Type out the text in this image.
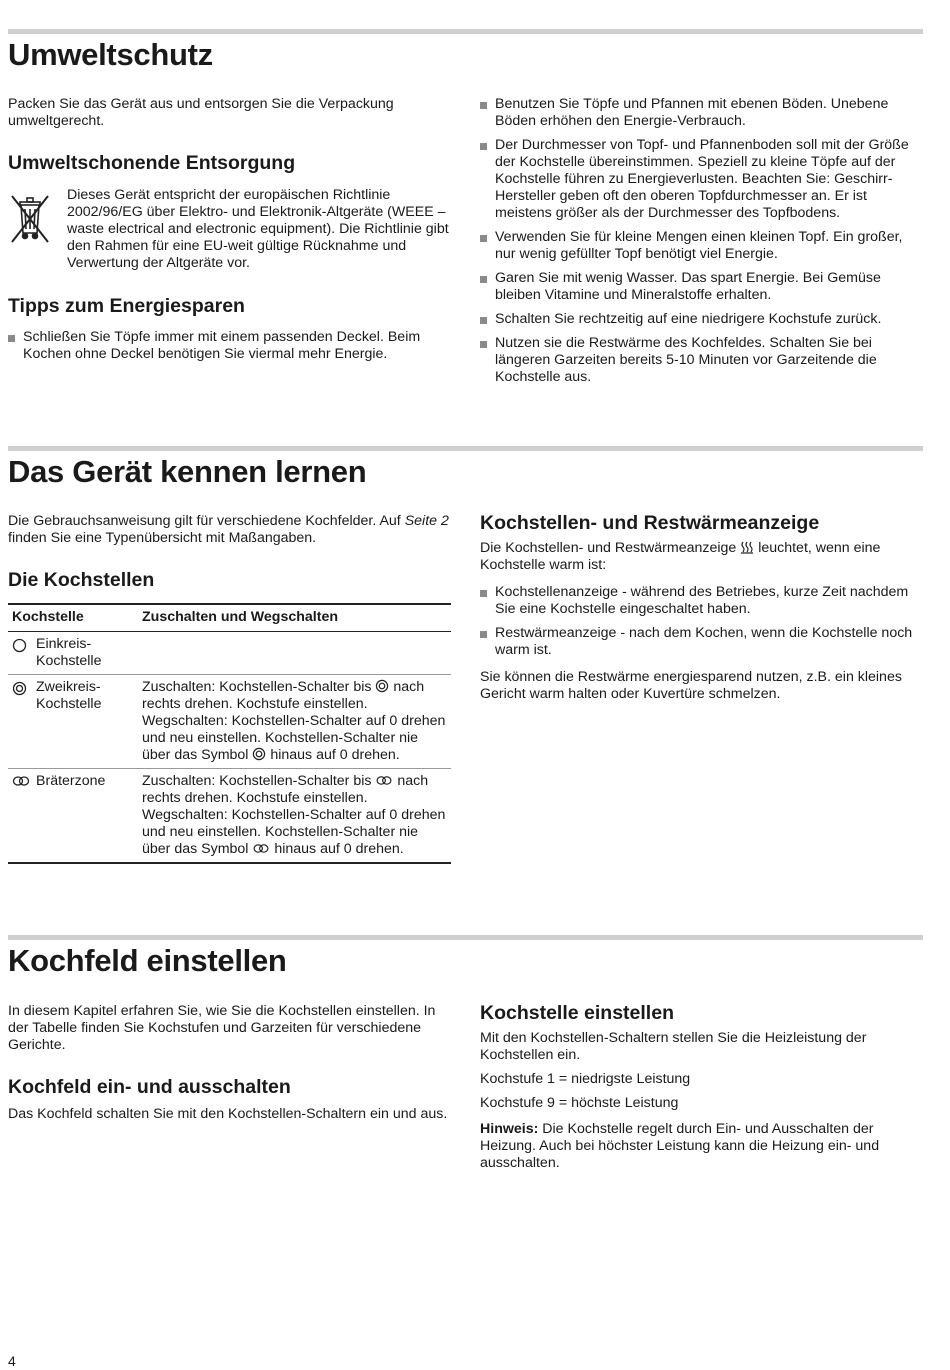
Umweltschutz

Packen Sie das Gerät aus und entsorgen Sie die Verpackung umweltgerecht.

Umweltschonende Entsorgung

Dieses Gerät entspricht der europäischen Richtlinie 2002/96/EG über Elektro- und Elektronik-Altgeräte (WEEE – waste electrical and electronic equipment). Die Richtlinie gibt den Rahmen für eine EU-weit gültige Rücknahme und Verwertung der Altgeräte vor.

Tipps zum Energiesparen
Schließen Sie Töpfe immer mit einem passenden Deckel. Beim Kochen ohne Deckel benötigen Sie viermal mehr Energie.
Benutzen Sie Töpfe und Pfannen mit ebenen Böden. Unebene Böden erhöhen den Energie-Verbrauch.
Der Durchmesser von Topf- und Pfannenboden soll mit der Größe der Kochstelle übereinstimmen. Speziell zu kleine Töpfe auf der Kochstelle führen zu Energieverlusten. Beachten Sie: Geschirr-Hersteller geben oft den oberen Topfdurchmesser an. Er ist meistens größer als der Durchmesser des Topfbodens.
Verwenden Sie für kleine Mengen einen kleinen Topf. Ein großer, nur wenig gefüllter Topf benötigt viel Energie.
Garen Sie mit wenig Wasser. Das spart Energie. Bei Gemüse bleiben Vitamine und Mineralstoffe erhalten.
Schalten Sie rechtzeitig auf eine niedrigere Kochstufe zurück.
Nutzen sie die Restwärme des Kochfeldes. Schalten Sie bei längeren Garzeiten bereits 5-10 Minuten vor Garzeitende die Kochstelle aus.
Das Gerät kennen lernen

Die Gebrauchsanweisung gilt für verschiedene Kochfelder. Auf Seite 2 finden Sie eine Typenübersicht mit Maßangaben.

Die Kochstellen
Kochstelle	Zuschalten und Wegschalten

Einkreis-Kochstelle	

Zweikreis-Kochstelle	Zuschalten: Kochstellen-Schalter bis  nach rechts drehen. Kochstufe einstellen. Wegschalten: Kochstellen-Schalter auf 0 drehen und neu einstellen. Kochstellen-Schalter nie über das Symbol  hinaus auf 0 drehen.

Bräterzone	Zuschalten: Kochstellen-Schalter bis  nach rechts drehen. Kochstufe einstellen. Wegschalten: Kochstellen-Schalter auf 0 drehen und neu einstellen. Kochstellen-Schalter nie über das Symbol  hinaus auf 0 drehen.
Kochstellen- und Restwärmeanzeige

Die Kochstellen- und Restwärmeanzeige  leuchtet, wenn eine Kochstelle warm ist:

Kochstellenanzeige - während des Betriebes, kurze Zeit nachdem Sie eine Kochstelle eingeschaltet haben.
Restwärmeanzeige - nach dem Kochen, wenn die Kochstelle noch warm ist.

Sie können die Restwärme energiesparend nutzen, z.B. ein kleines Gericht warm halten oder Kuvertüre schmelzen.

Kochfeld einstellen

In diesem Kapitel erfahren Sie, wie Sie die Kochstellen einstellen. In der Tabelle finden Sie Kochstufen und Garzeiten für verschiedene Gerichte.

Kochfeld ein- und ausschalten

Das Kochfeld schalten Sie mit den Kochstellen-Schaltern ein und aus.

Kochstelle einstellen

Mit den Kochstellen-Schaltern stellen Sie die Heizleistung der Kochstellen ein.

Kochstufe 1 = niedrigste Leistung

Kochstufe 9 = höchste Leistung

Hinweis: Die Kochstelle regelt durch Ein- und Ausschalten der Heizung. Auch bei höchster Leistung kann die Heizung ein- und ausschalten.

4
